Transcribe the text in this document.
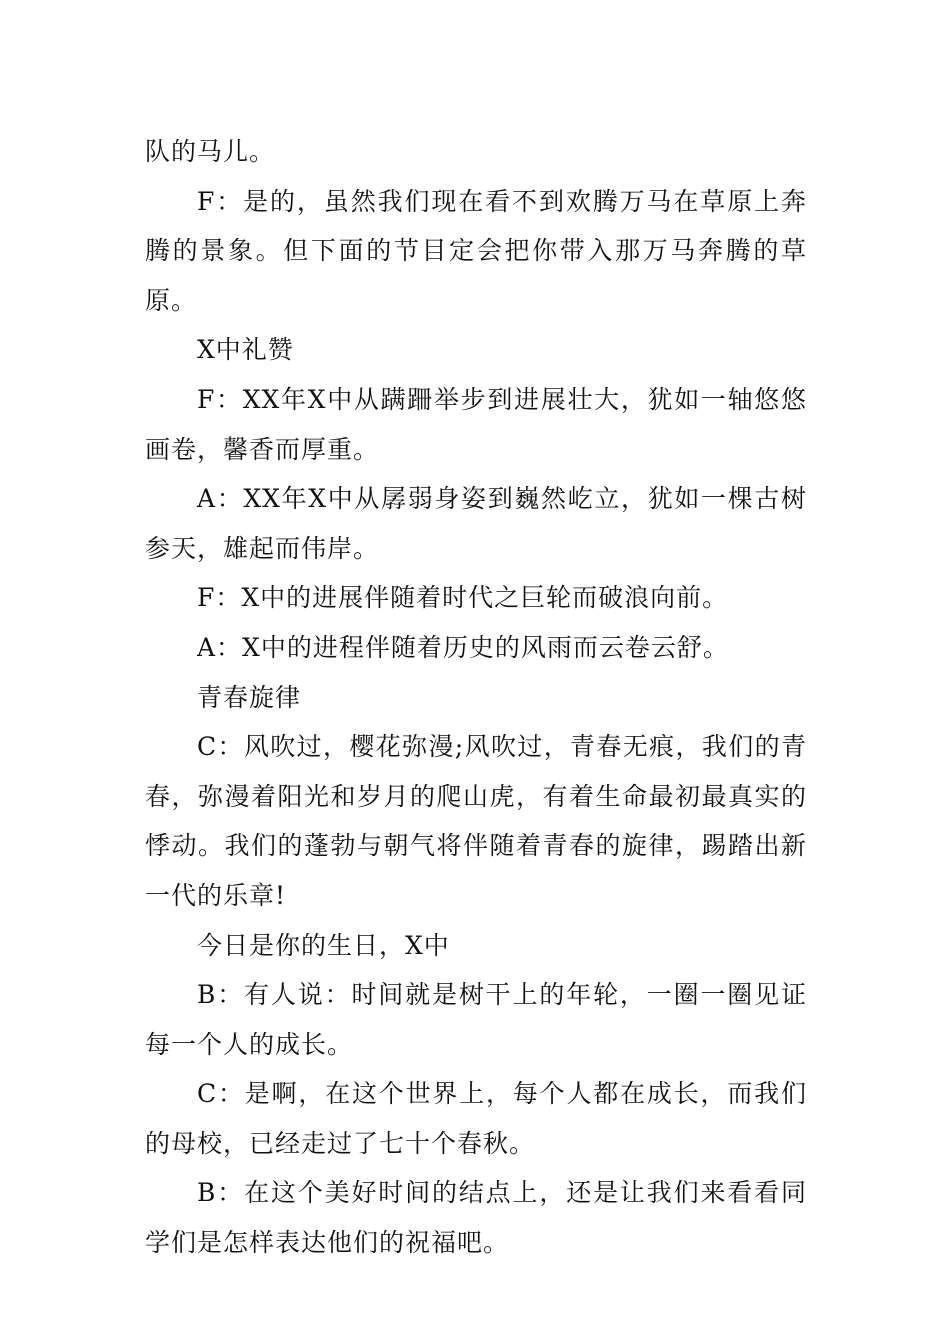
队的马儿。

F：是的，虽然我们现在看不到欢腾万马在草原上奔腾的景象。但下面的节目定会把你带入那万马奔腾的草原。

X中礼赞

F：XX年X中从蹒跚举步到进展壮大，犹如一轴悠悠画卷，馨香而厚重。

A：XX年X中从孱弱身姿到巍然屹立，犹如一棵古树参天，雄起而伟岸。

F：X中的进展伴随着时代之巨轮而破浪向前。

A：X中的进程伴随着历史的风雨而云卷云舒。

青春旋律

C：风吹过，樱花弥漫;风吹过，青春无痕，我们的青春，弥漫着阳光和岁月的爬山虎，有着生命最初最真实的悸动。我们的蓬勃与朝气将伴随着青春的旋律，踢踏出新一代的乐章!

今日是你的生日，X中

B：有人说：时间就是树干上的年轮，一圈一圈见证每一个人的成长。

C：是啊，在这个世界上，每个人都在成长，而我们的母校，已经走过了七十个春秋。

B：在这个美好时间的结点上，还是让我们来看看同学们是怎样表达他们的祝福吧。
